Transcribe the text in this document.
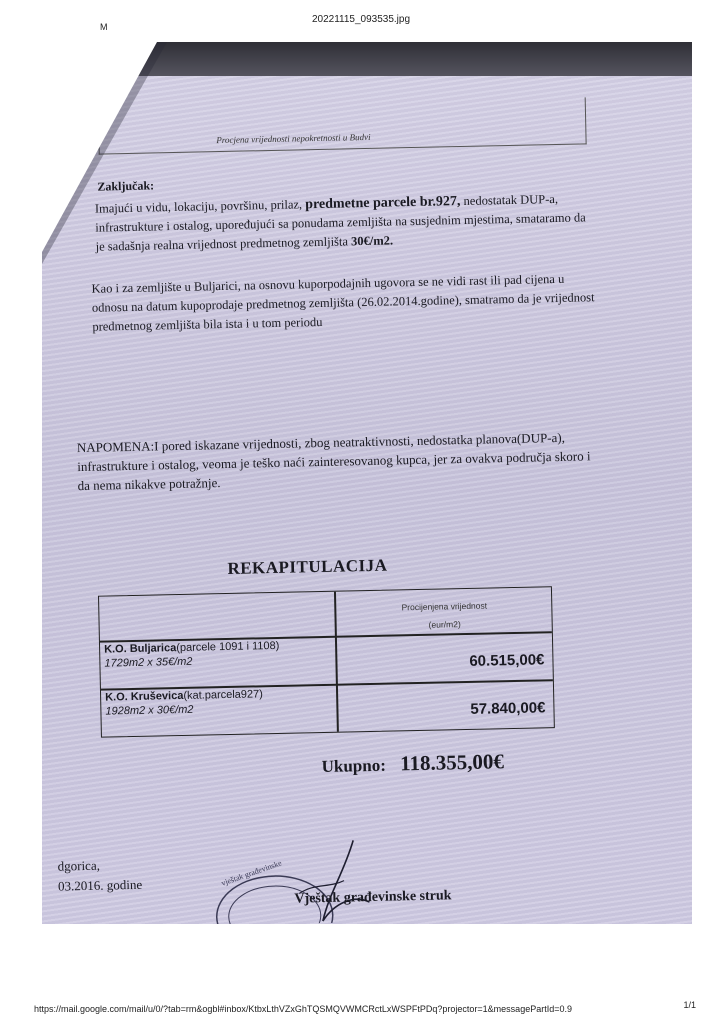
20221115_093535.jpg
M
Procjena vrijednosti nepokretnosti u Budvi
Zaključak:
Imajući u vidu, lokaciju, površinu, prilaz, predmetne parcele br.927, nedostatak DUP-a, infrastrukture i ostalog, upoređujući sa ponudama zemljišta na susjednim mjestima, smataramo da je sadašnja realna vrijednost predmetnog zemljišta 30€/m2.
Kao i za zemljište u Buljarici, na osnovu kuporpodajnih ugovora se ne vidi rast ili pad cijena u odnosu na datum kupoprodaje predmetnog zemljišta (26.02.2014.godine), smatramo da je vrijednost predmetnog zemljišta bila ista i u tom periodu
NAPOMENA:I pored iskazane vrijednosti, zbog neatraktivnosti, nedostatka planova(DUP-a), infrastrukture i ostalog, veoma je teško naći zainteresovanog kupca, jer za ovakva područja skoro i da nema nikakve potražnje.
REKAPITULACIJA
Procijenjena vrijednost
(eur/m2)
K.O. Buljarica(parcele 1091 i 1108)
1729m2 x 35€/m2	60.515,00€
K.O. Kruševica(kat.parcela927)
1928m2 x 30€/m2	57.840,00€
Ukupno: 118.355,00€
dgorica,
03.2016. godine	vještak građevinske
Vještak građevinske struk
https://mail.google.com/mail/u/0/?tab=rm&ogbl#inbox/KtbxLthVZxGhTQSMQVWMCRctLxWSPFtPDq?projector=1&messagePartId=0.9	1/1
